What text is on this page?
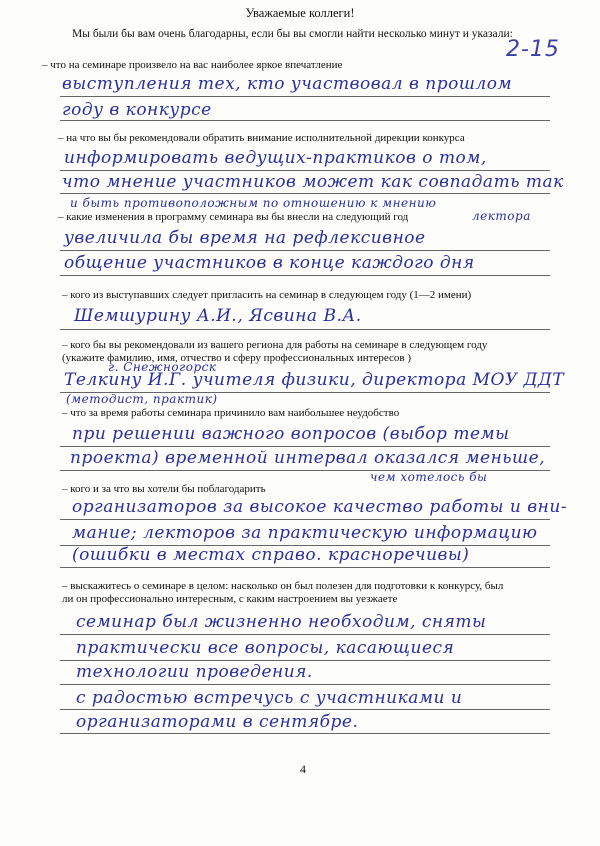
Уважаемые коллеги!
Мы были бы вам очень благодарны, если бы вы смогли найти несколько минут и указали:
2-15
– что на семинаре произвело на вас наиболее яркое впечатление
выступления тех, кто участвовал в прошлом
году в конкурсе
– на что вы бы рекомендовали обратить внимание исполнительной дирекции конкурса
информировать ведущих-практиков о том,
что мнение участников может как совпадать так
и быть противоположным по отношению к мнению
лектора
– какие изменения в программу семинара вы бы внесли на следующий год
увеличила бы время на рефлексивное
общение участников в конце каждого дня
– кого из выступавших следует пригласить на семинар в следующем году (1—2 имени)
Шемшурину А.И., Ясвина В.А.
– кого бы вы рекомендовали из вашего региона для работы на семинаре в следующем году
(укажите фамилию, имя, отчество и сферу профессиональных интересов )
г. Снежногорск
Телкину И.Г. учителя физики, директора МОУ ДДТ
(методист, практик)
– что за время работы семинара причинило вам наибольшее неудобство
при решении важного вопросов (выбор темы
проекта) временной интервал оказался меньше,
чем хотелось бы
– кого и за что вы хотели бы поблагодарить
организаторов за высокое качество работы и вни-
мание; лекторов за практическую информацию
(ошибки в местах справо. красноречивы)
– выскажитесь о семинаре в целом: насколько он был полезен для подготовки к конкурсу, был
ли он профессионально интересным, с каким настроением вы уезжаете
семинар был жизненно необходим, сняты
практически все вопросы, касающиеся
технологии проведения.
с радостью встречусь с участниками и
организаторами в сентябре.
4
